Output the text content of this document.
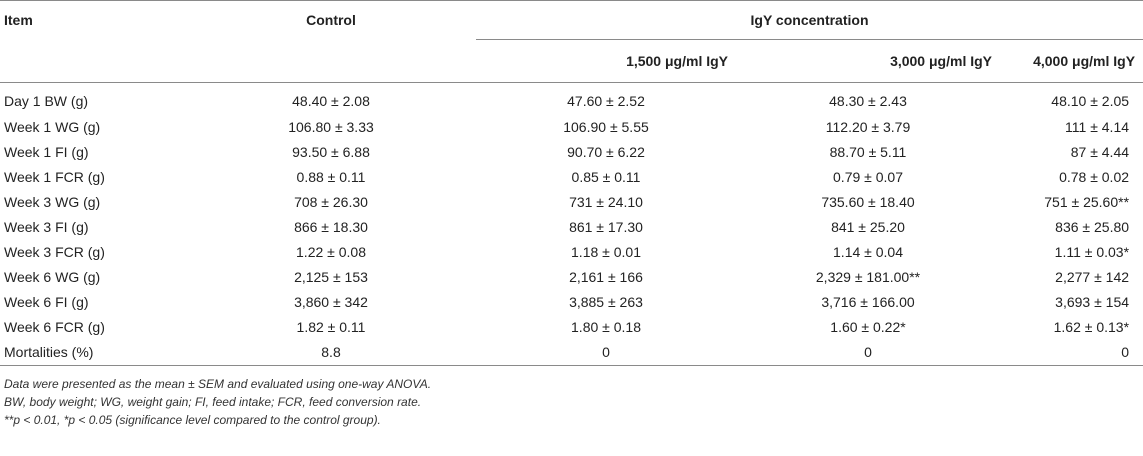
Item	Control	IgY concentration		
		1,500 μg/ml IgY	3,000 μg/ml IgY	4,000 μg/ml IgY
Day 1 BW (g)	48.40 ± 2.08	47.60 ± 2.52	48.30 ± 2.43	48.10 ± 2.05
Week 1 WG (g)	106.80 ± 3.33	106.90 ± 5.55	112.20 ± 3.79	111 ± 4.14
Week 1 FI (g)	93.50 ± 6.88	90.70 ± 6.22	88.70 ± 5.11	87 ± 4.44
Week 1 FCR (g)	0.88 ± 0.11	0.85 ± 0.11	0.79 ± 0.07	0.78 ± 0.02
Week 3 WG (g)	708 ± 26.30	731 ± 24.10	735.60 ± 18.40	751 ± 25.60**
Week 3 FI (g)	866 ± 18.30	861 ± 17.30	841 ± 25.20	836 ± 25.80
Week 3 FCR (g)	1.22 ± 0.08	1.18 ± 0.01	1.14 ± 0.04	1.11 ± 0.03*
Week 6 WG (g)	2,125 ± 153	2,161 ± 166	2,329 ± 181.00**	2,277 ± 142
Week 6 FI (g)	3,860 ± 342	3,885 ± 263	3,716 ± 166.00	3,693 ± 154
Week 6 FCR (g)	1.82 ± 0.11	1.80 ± 0.18	1.60 ± 0.22*	1.62 ± 0.13*
Mortalities (%)	8.8	0	0	0
Data were presented as the mean ± SEM and evaluated using one-way ANOVA.
BW, body weight; WG, weight gain; FI, feed intake; FCR, feed conversion rate.
**p < 0.01, *p < 0.05 (significance level compared to the control group).
